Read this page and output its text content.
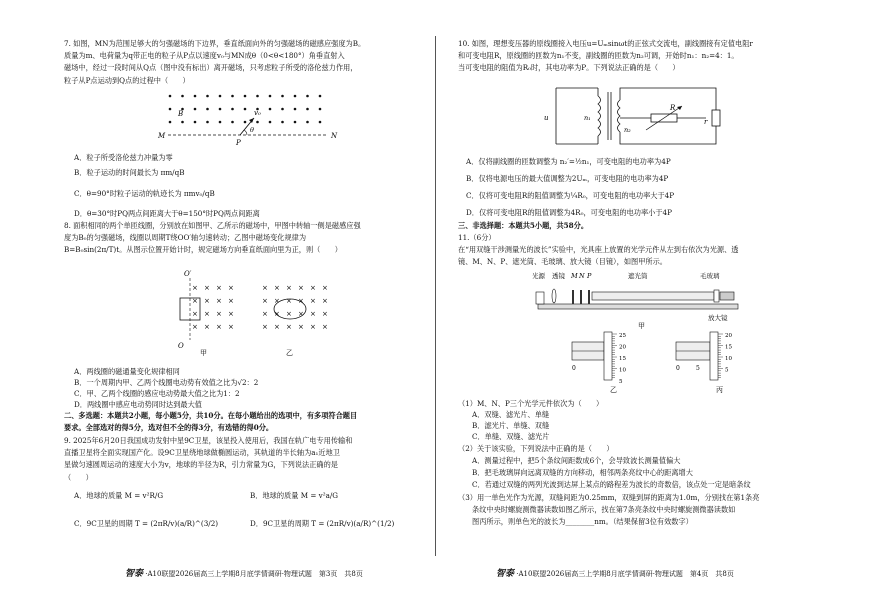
7. 如图，MN为范围足够大的匀强磁场的下边界，垂直纸面向外的匀强磁场的磁感应强度为B。
质量为m、电荷量为q带正电的粒子从P点以速度v₀与MN成θ（0<θ<180°）角垂直射入
磁场中，经过一段时间从Q点（图中没有标出）离开磁场，只考虑粒子所受的洛伦兹力作用，
粒子从P点运动到Q点的过程中（　　）
B	v₀
θ
M
P
N
A．粒子所受洛伦兹力冲量为零
B．粒子运动的时间最长为 πm/qB
C．θ=90°时粒子运动的轨迹长为 πmv₀/qB
D．θ=30°时PQ两点间距离大于θ=150°时PQ两点间距离
8. 面积相同的两个单匝线圈，分别放在如图甲、乙所示的磁场中，甲图中转轴一侧是磁感应强
度为B₀的匀强磁场，线圈以周期T绕OO′轴匀速转动；乙图中磁场变化规律为
B=B₀sin(2π/T)t。从图示位置开始计时，规定磁场方向垂直纸面向里为正，则（　　）
× × × ×
× × × ×
× × × ×
× × × ×
× × × × × ×
× × × × × ×
× × × × × ×
× × × × × ×
O′
O
甲	乙
A．两线圈的磁通量变化规律相同
B．一个周期内甲、乙两个线圈电动势有效值之比为√2：2
C．甲、乙两个线圈的感应电动势最大值之比为1：2
D．两线圈中感应电动势同时达到最大值
二、多选题：本题共2小题，每小题5分，共10分。在每小题给出的选项中，有多项符合题目
要求。全部选对的得5分，选对但不全的得3分，有选错的得0分。
9. 2025年6月20日我国成功发射中星9C卫星，该星投入使用后，我国在轨广电专用传输和
直播卫星将全面实现国产化。设9C卫星绕地球做椭圆运动，其轨道的半长轴为a₁近地卫
星做匀速圆周运动的速度大小为v，地球的半径为R，引力常量为G，下列说法正确的是
（　　）
A．地球的质量 M = v²R/G	B．地球的质量 M = v²a/G
C．9C卫星的周期 T = (2πR/v)(a/R)^(3/2)	D．9C卫星的周期 T = (2πR/v)(a/R)^(1/2)
智泰 ·A10联盟2026届高三上学期8月底学情调研·物理试题　第3页　共8页
10. 如图，理想变压器的原线圈接入电压u=Uₘsinωt的正弦式交流电，副线圈接有定值电阻r
和可变电阻R，原线圈的匝数为n₁不变，副线圈的匝数为n₂可调，开始时n₁：n₂=4：1。
当可变电阻的阻值为R₀时，其电功率为P。下列说法正确的是（　　）
u	n₁
n₂
R
r
A．仅将副线圈的匝数调整为 n₂′=½n₁，可变电阻的电功率为4P
B．仅将电源电压的最大值调整为2Uₘ，可变电阻的电功率为4P
C．仅将可变电阻R的阻值调整为¼R₀，可变电阻的电功率大于4P
D．仅将可变电阻R的阻值调整为4R₀，可变电阻的电功率小于4P
三、非选择题：本题共5小题，共58分。
11.（6分）
在“用双缝干涉测量光的波长”实验中，光具座上放置的光学元件从左到右依次为光源、透
镜、M、N、P、遮光筒、毛玻璃、放大镜（目镜），如图甲所示。
光源 透镜 M N P	遮光筒	毛玻璃
放大镜
甲
25
20
15
10
5
0
乙
20
15
10
5
0	5
丙
（1）M、N、P三个光学元件依次为（　　）
A．双缝、滤光片、单缝
B．滤光片、单缝、双缝
C．单缝、双缝、滤光片
（2）关于该实验，下列说法中正确的是（　　）
A．测量过程中，把5个条纹间距数成6个，会导致波长测量值偏大
B．把毛玻璃屏向远离双缝的方向移动，相邻两条亮纹中心的距离增大
C．若通过双缝的两列光波到达屏上某点的路程差为波长的奇数倍，该点处一定是暗条纹
（3）用一单色光作为光源，双缝间距为0.25mm，双缝到屏的距离为1.0m，分别找在第1条亮
条纹中央时螺旋测微器读数如图乙所示，找在第7条亮条纹中央时螺旋测微器读数如
图丙所示，则单色光的波长为________nm。（结果保留3位有效数字）
智泰 ·A10联盟2026届高三上学期8月底学情调研·物理试题　第4页　共8页
